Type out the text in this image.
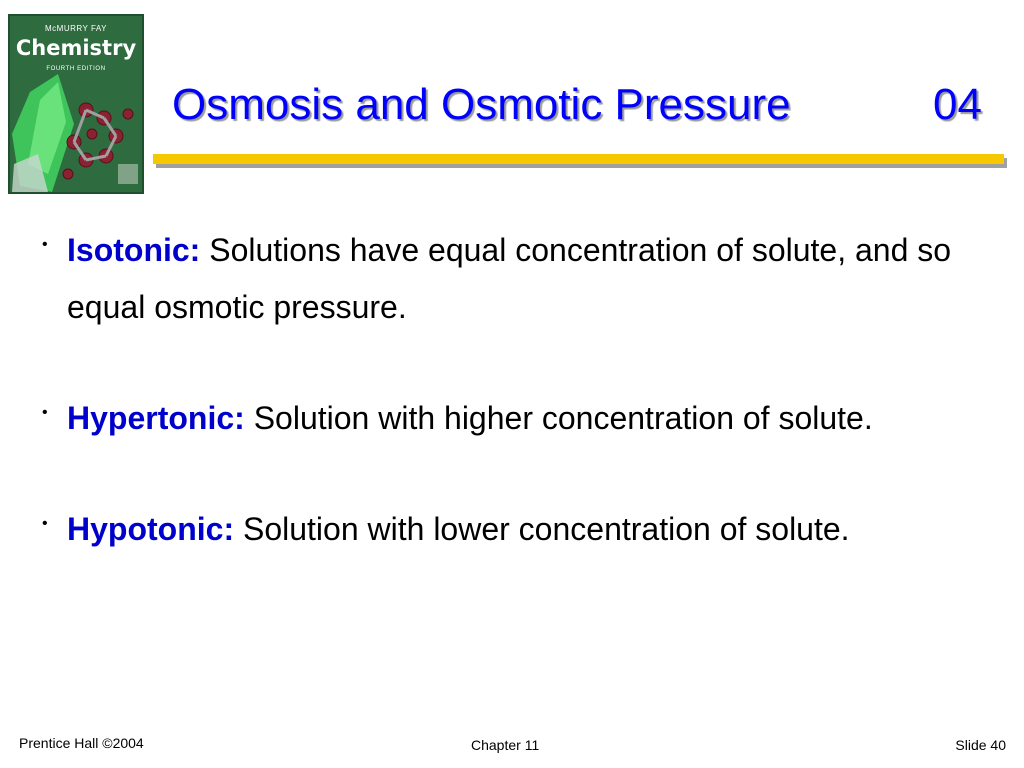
McMURRY FAY
Chemistry
FOURTH EDITION
Osmosis and Osmotic Pressure	04
• Isotonic: Solutions have equal concentration of solute, and so equal osmotic pressure.
• Hypertonic: Solution with higher concentration of solute.
• Hypotonic: Solution with lower concentration of solute.
Prentice Hall ©2004	Chapter 11	Slide 40
